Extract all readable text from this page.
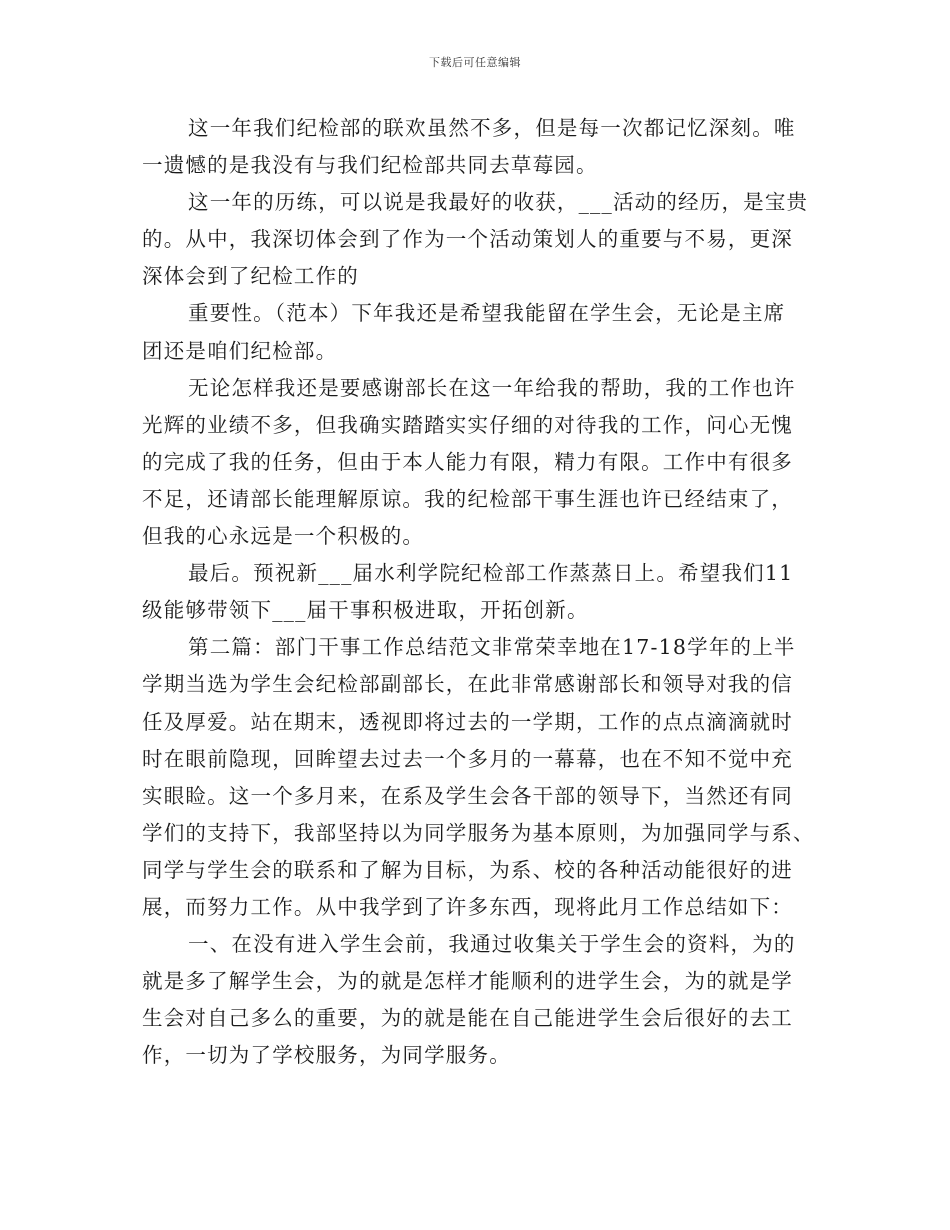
下载后可任意编辑
这一年我们纪检部的联欢虽然不多，但是每一次都记忆深刻。唯
一遗憾的是我没有与我们纪检部共同去草莓园。
这一年的历练，可以说是我最好的收获，___活动的经历，是宝贵
的。从中，我深切体会到了作为一个活动策划人的重要与不易，更深
深体会到了纪检工作的
重要性。（范本）下年我还是希望我能留在学生会，无论是主席
团还是咱们纪检部。
无论怎样我还是要感谢部长在这一年给我的帮助，我的工作也许
光辉的业绩不多，但我确实踏踏实实仔细的对待我的工作，问心无愧
的完成了我的任务，但由于本人能力有限，精力有限。工作中有很多
不足，还请部长能理解原谅。我的纪检部干事生涯也许已经结束了，
但我的心永远是一个积极的。
最后。预祝新___届水利学院纪检部工作蒸蒸日上。希望我们11
级能够带领下___届干事积极进取，开拓创新。
第二篇：部门干事工作总结范文非常荣幸地在17-18学年的上半
学期当选为学生会纪检部副部长，在此非常感谢部长和领导对我的信
任及厚爱。站在期末，透视即将过去的一学期，工作的点点滴滴就时
时在眼前隐现，回眸望去过去一个多月的一幕幕，也在不知不觉中充
实眼睑。这一个多月来，在系及学生会各干部的领导下，当然还有同
学们的支持下，我部坚持以为同学服务为基本原则，为加强同学与系、
同学与学生会的联系和了解为目标，为系、校的各种活动能很好的进
展，而努力工作。从中我学到了许多东西，现将此月工作总结如下：
一、在没有进入学生会前，我通过收集关于学生会的资料，为的
就是多了解学生会，为的就是怎样才能顺利的进学生会，为的就是学
生会对自己多么的重要，为的就是能在自己能进学生会后很好的去工
作，一切为了学校服务，为同学服务。
